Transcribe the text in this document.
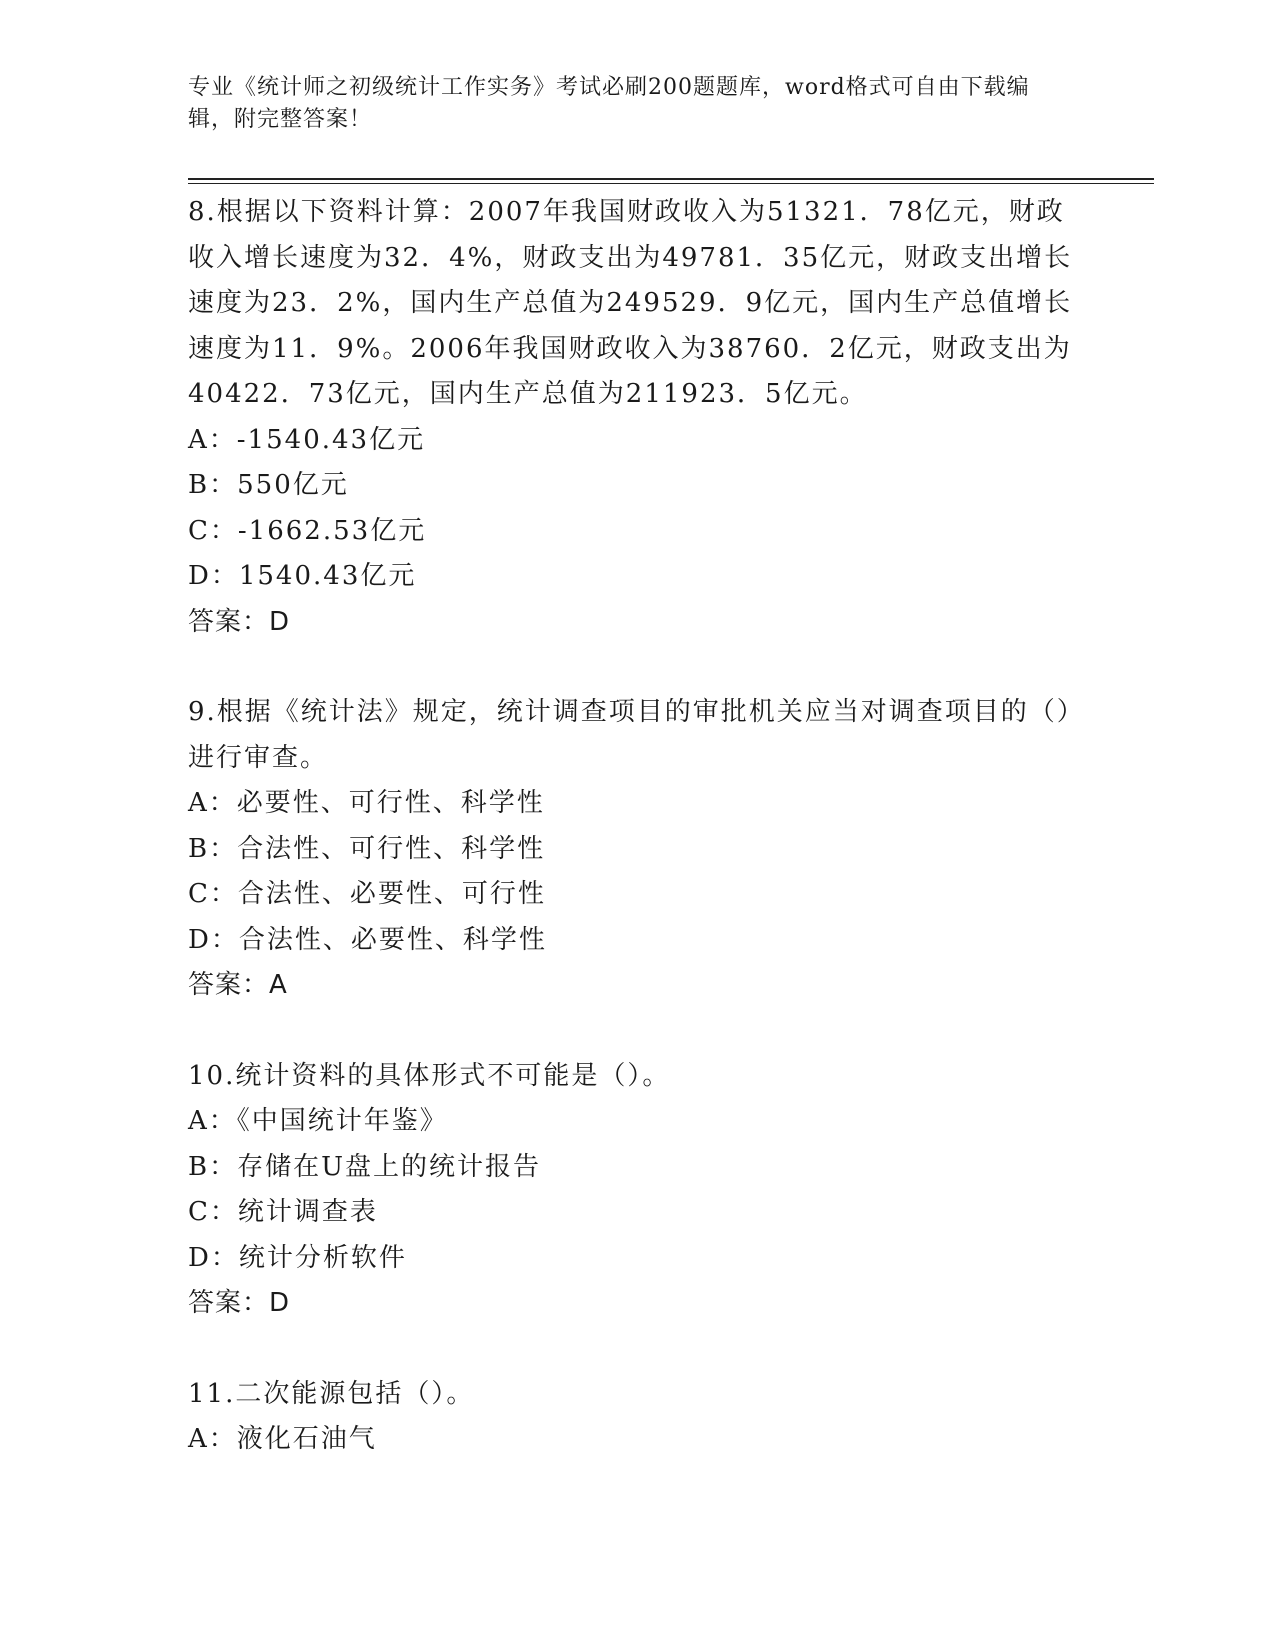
专业《统计师之初级统计工作实务》考试必刷200题题库，word格式可自由下载编辑，附完整答案！

8.根据以下资料计算：2007年我国财政收入为51321．78亿元，财政收入增长速度为32．4%，财政支出为49781．35亿元，财政支出增长速度为23．2%，国内生产总值为249529．9亿元，国内生产总值增长速度为11．9%。2006年我国财政收入为38760．2亿元，财政支出为40422．73亿元，国内生产总值为211923．5亿元。

A：-1540.43亿元

B：550亿元

C：-1662.53亿元

D：1540.43亿元

答案：D

9.根据《统计法》规定，统计调查项目的审批机关应当对调查项目的（）进行审查。

A：必要性、可行性、科学性

B：合法性、可行性、科学性

C：合法性、必要性、可行性

D：合法性、必要性、科学性

答案：A

10.统计资料的具体形式不可能是（）。

A：《中国统计年鉴》

B：存储在U盘上的统计报告

C：统计调查表

D：统计分析软件

答案：D

11.二次能源包括（）。

A：液化石油气
